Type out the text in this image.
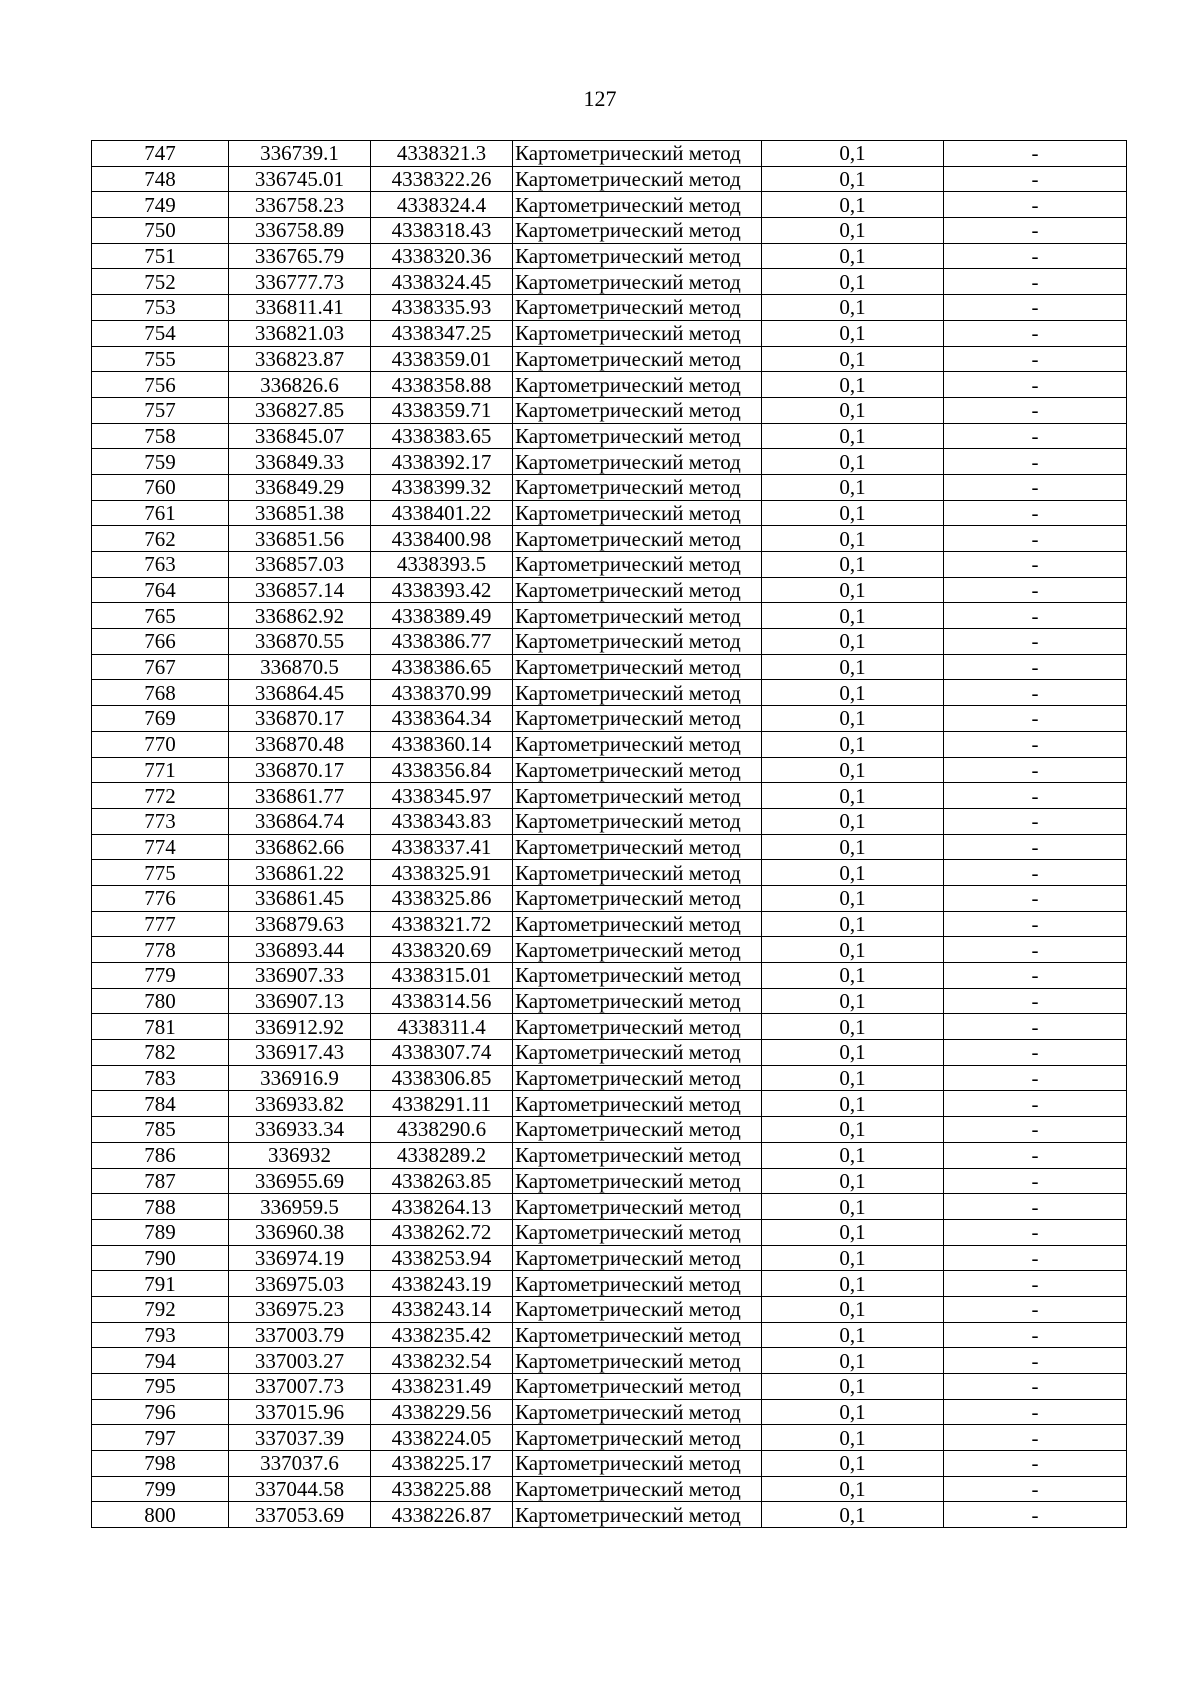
127
747	336739.1	4338321.3	Картометрический метод	0,1	-
748	336745.01	4338322.26	Картометрический метод	0,1	-
749	336758.23	4338324.4	Картометрический метод	0,1	-
750	336758.89	4338318.43	Картометрический метод	0,1	-
751	336765.79	4338320.36	Картометрический метод	0,1	-
752	336777.73	4338324.45	Картометрический метод	0,1	-
753	336811.41	4338335.93	Картометрический метод	0,1	-
754	336821.03	4338347.25	Картометрический метод	0,1	-
755	336823.87	4338359.01	Картометрический метод	0,1	-
756	336826.6	4338358.88	Картометрический метод	0,1	-
757	336827.85	4338359.71	Картометрический метод	0,1	-
758	336845.07	4338383.65	Картометрический метод	0,1	-
759	336849.33	4338392.17	Картометрический метод	0,1	-
760	336849.29	4338399.32	Картометрический метод	0,1	-
761	336851.38	4338401.22	Картометрический метод	0,1	-
762	336851.56	4338400.98	Картометрический метод	0,1	-
763	336857.03	4338393.5	Картометрический метод	0,1	-
764	336857.14	4338393.42	Картометрический метод	0,1	-
765	336862.92	4338389.49	Картометрический метод	0,1	-
766	336870.55	4338386.77	Картометрический метод	0,1	-
767	336870.5	4338386.65	Картометрический метод	0,1	-
768	336864.45	4338370.99	Картометрический метод	0,1	-
769	336870.17	4338364.34	Картометрический метод	0,1	-
770	336870.48	4338360.14	Картометрический метод	0,1	-
771	336870.17	4338356.84	Картометрический метод	0,1	-
772	336861.77	4338345.97	Картометрический метод	0,1	-
773	336864.74	4338343.83	Картометрический метод	0,1	-
774	336862.66	4338337.41	Картометрический метод	0,1	-
775	336861.22	4338325.91	Картометрический метод	0,1	-
776	336861.45	4338325.86	Картометрический метод	0,1	-
777	336879.63	4338321.72	Картометрический метод	0,1	-
778	336893.44	4338320.69	Картометрический метод	0,1	-
779	336907.33	4338315.01	Картометрический метод	0,1	-
780	336907.13	4338314.56	Картометрический метод	0,1	-
781	336912.92	4338311.4	Картометрический метод	0,1	-
782	336917.43	4338307.74	Картометрический метод	0,1	-
783	336916.9	4338306.85	Картометрический метод	0,1	-
784	336933.82	4338291.11	Картометрический метод	0,1	-
785	336933.34	4338290.6	Картометрический метод	0,1	-
786	336932	4338289.2	Картометрический метод	0,1	-
787	336955.69	4338263.85	Картометрический метод	0,1	-
788	336959.5	4338264.13	Картометрический метод	0,1	-
789	336960.38	4338262.72	Картометрический метод	0,1	-
790	336974.19	4338253.94	Картометрический метод	0,1	-
791	336975.03	4338243.19	Картометрический метод	0,1	-
792	336975.23	4338243.14	Картометрический метод	0,1	-
793	337003.79	4338235.42	Картометрический метод	0,1	-
794	337003.27	4338232.54	Картометрический метод	0,1	-
795	337007.73	4338231.49	Картометрический метод	0,1	-
796	337015.96	4338229.56	Картометрический метод	0,1	-
797	337037.39	4338224.05	Картометрический метод	0,1	-
798	337037.6	4338225.17	Картометрический метод	0,1	-
799	337044.58	4338225.88	Картометрический метод	0,1	-
800	337053.69	4338226.87	Картометрический метод	0,1	-
